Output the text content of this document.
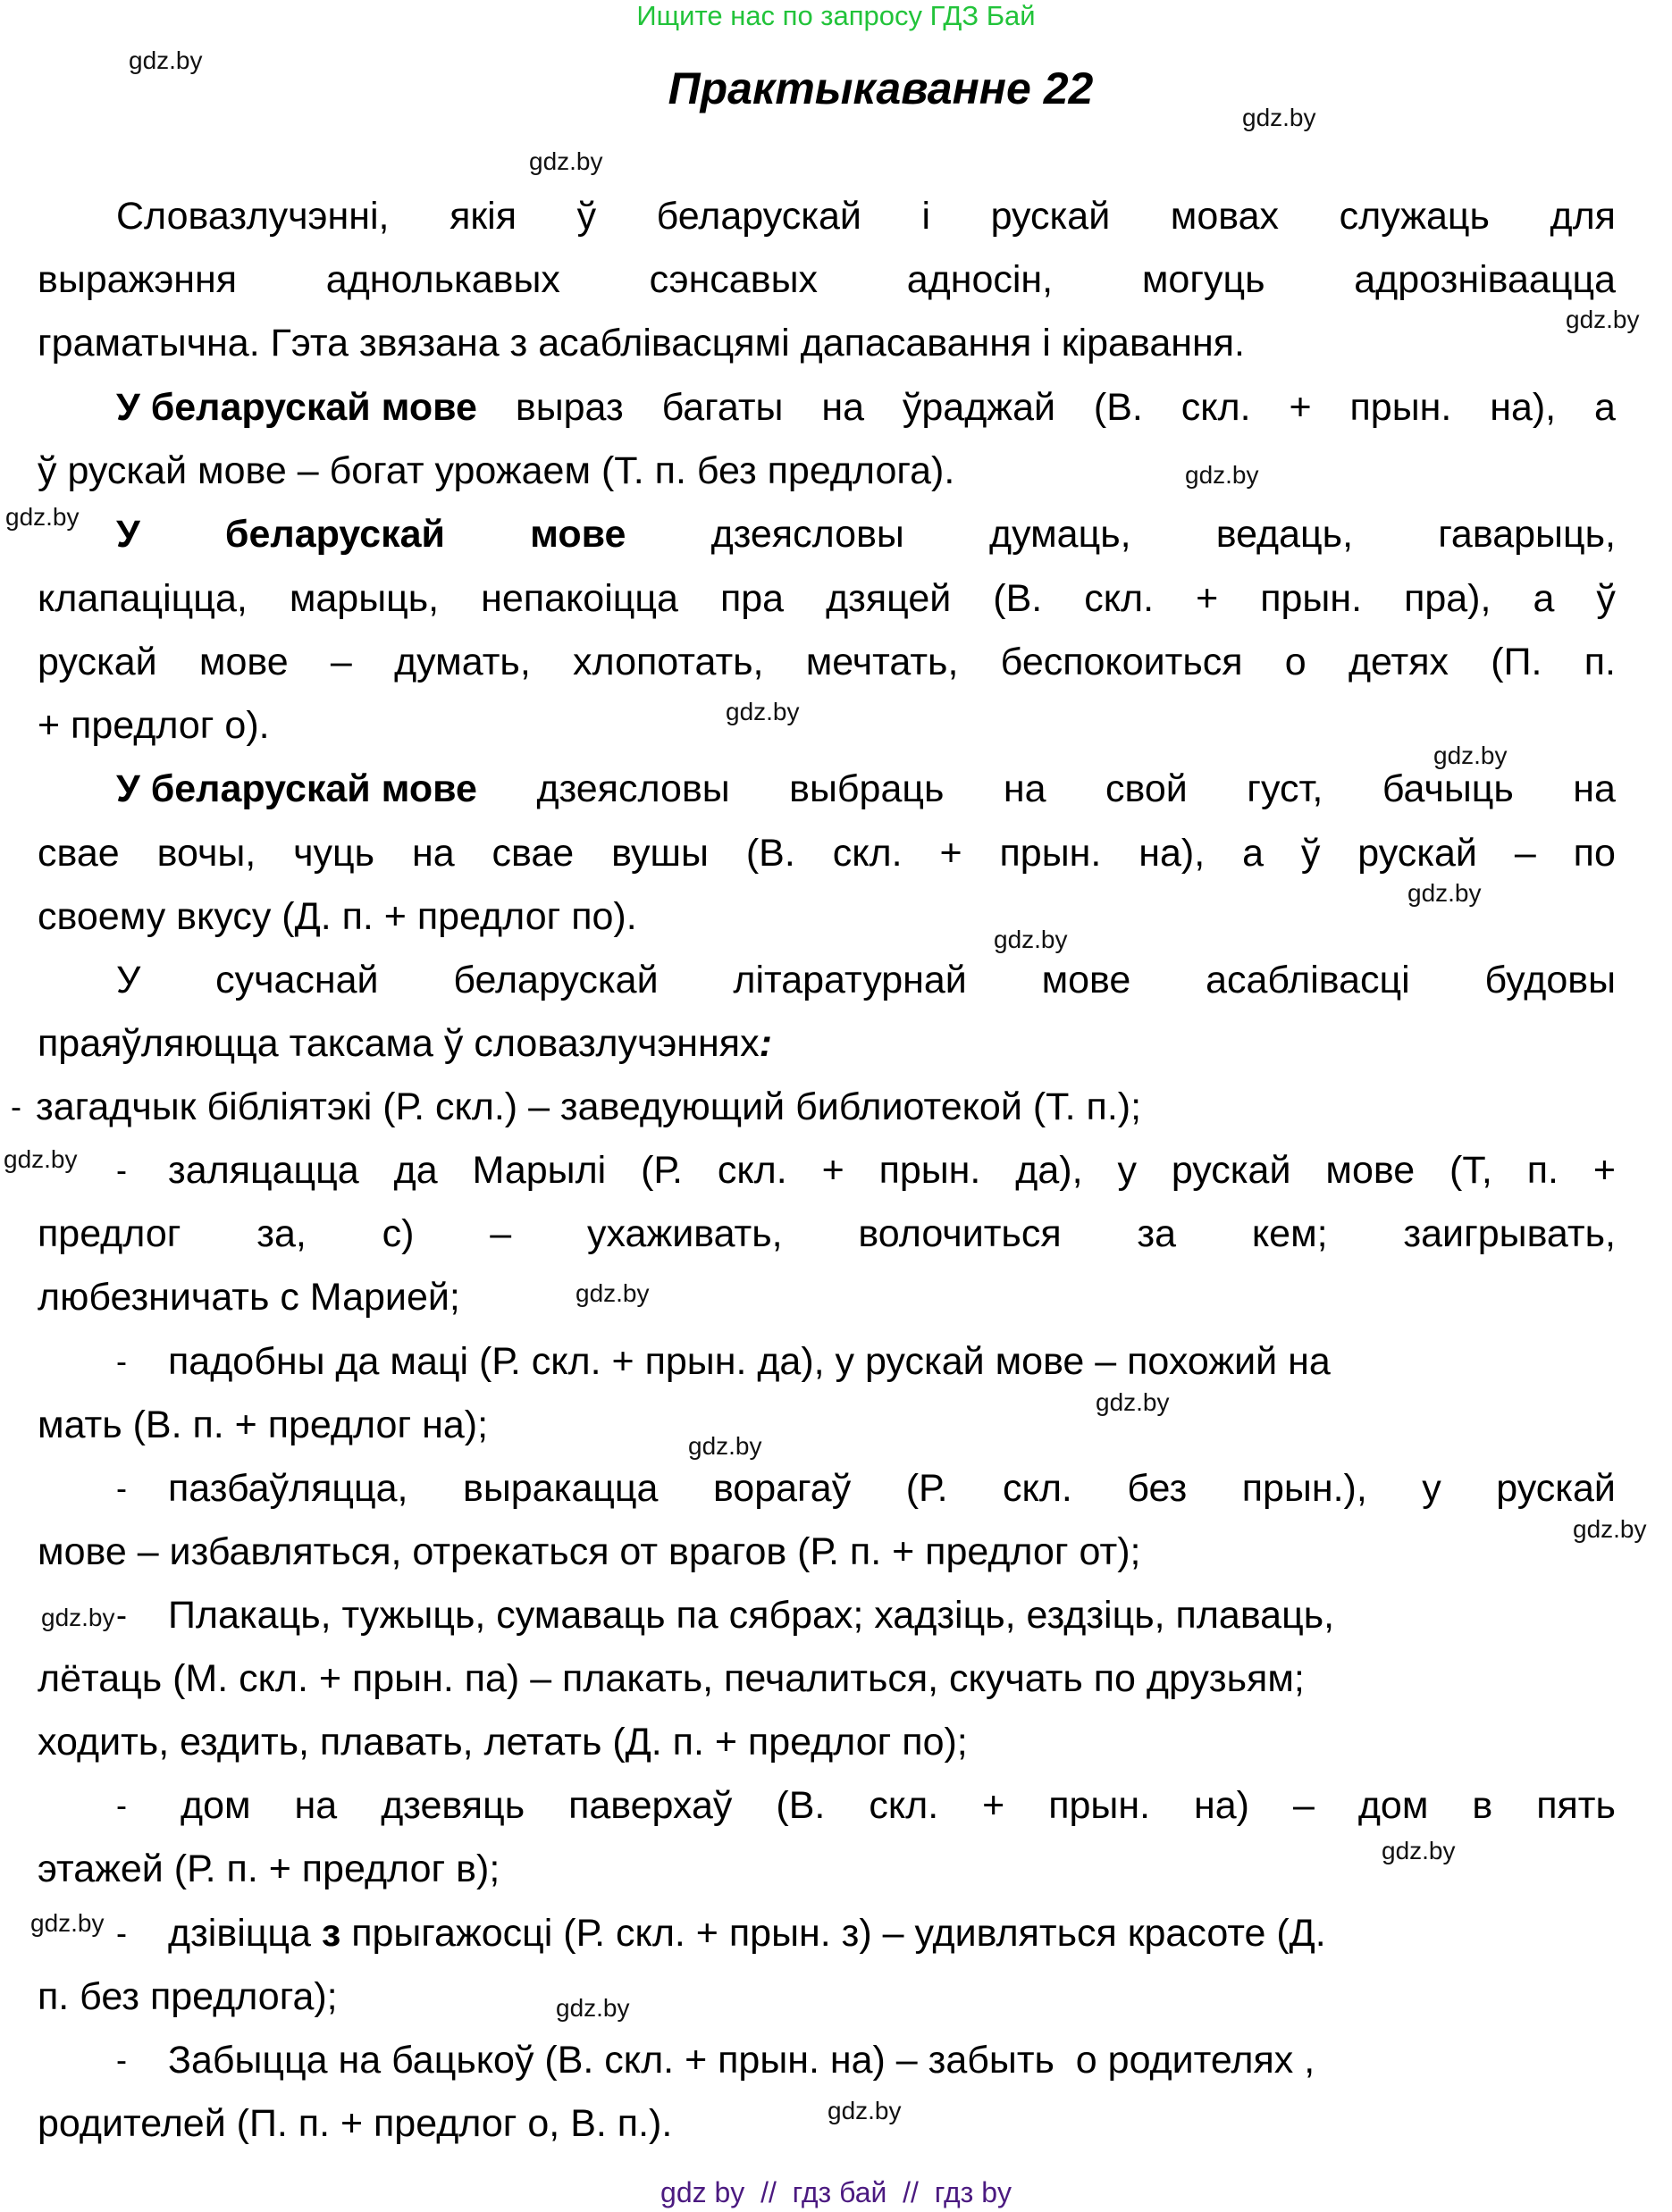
Ищите нас по запросу ГДЗ Бай
Практыкаванне 22
gdz.by
gdz.by
gdz.by
gdz.by
gdz.by
gdz.by
gdz.by
gdz.by
gdz.by
gdz.by
gdz.by
gdz.by
gdz.by
gdz.by
gdz.by
gdz.by
gdz.by
gdz.by
gdz.by
gdz.by
Словазлучэнні, якія ў беларускай і рускай мовах служаць для
выражэння аднолькавых сэнсавых адносін, могуць адрозніваацца
граматычна. Гэта звязана з асаблівасцямі дапасавання і кіравання.
У беларускай мове выраз багаты на ўраджай (В. скл. + прын. на), а
ў рускай мове – богат урожаем (Т. п. без предлога).
У беларускай мове дзеясловы думаць, ведаць, гаварыць,
клапаціцца, марыць, непакоіцца пра дзяцей (В. скл. + прын. пра), а ў
рускай мове – думать, хлопотать, мечтать, беспокоиться о детях (П. п.
+ предлог о).
У беларускай мове дзеясловы выбраць на свой густ, бачыць на
свае вочы, чуць на свае вушы (В. скл. + прын. на), а ў рускай – по
своему вкусу (Д. п. + предлог по).
У сучаснай беларускай літаратурнай мове асаблівасці будовы
праяўляюцца таксама ў словазлучэннях:
- загадчык бібліятэкі (Р. скл.) – заведующий библиотекой (Т. п.);
- заляцацца да Марылі (Р. скл. + прын. да), у рускай мове (Т, п. +
предлог за, с) – ухаживать, волочиться за кем; заигрывать,
любезничать с Марией;
- падобны да маці (Р. скл. + прын. да), у рускай мове – похожий на
мать (В. п. + предлог на);
- пазбаўляцца, выракацца ворагаў (Р. скл. без прын.), у рускай
мове – избавляться, отрекаться от врагов (Р. п. + предлог от);
- Плакаць, тужыць, сумаваць па сябрах; хадзіць, ездзіць, плаваць,
лётаць (М. скл. + прын. па) – плакать, печалиться, скучать по друзьям;
ходить, ездить, плавать, летать (Д. п. + предлог по);
- дом на дзевяць паверхаў (В. скл. + прын. на) – дом в пять
этажей (Р. п. + предлог в);
- дзівіцца з прыгажосці (Р. скл. + прын. з) – удивляться красоте (Д.
п. без предлога);
- Забыцца на бацькоў (В. скл. + прын. на) – забыть  о родителях ,
родителей (П. п. + предлог о, В. п.).
gdz by  //  гдз бай  //  гдз by
